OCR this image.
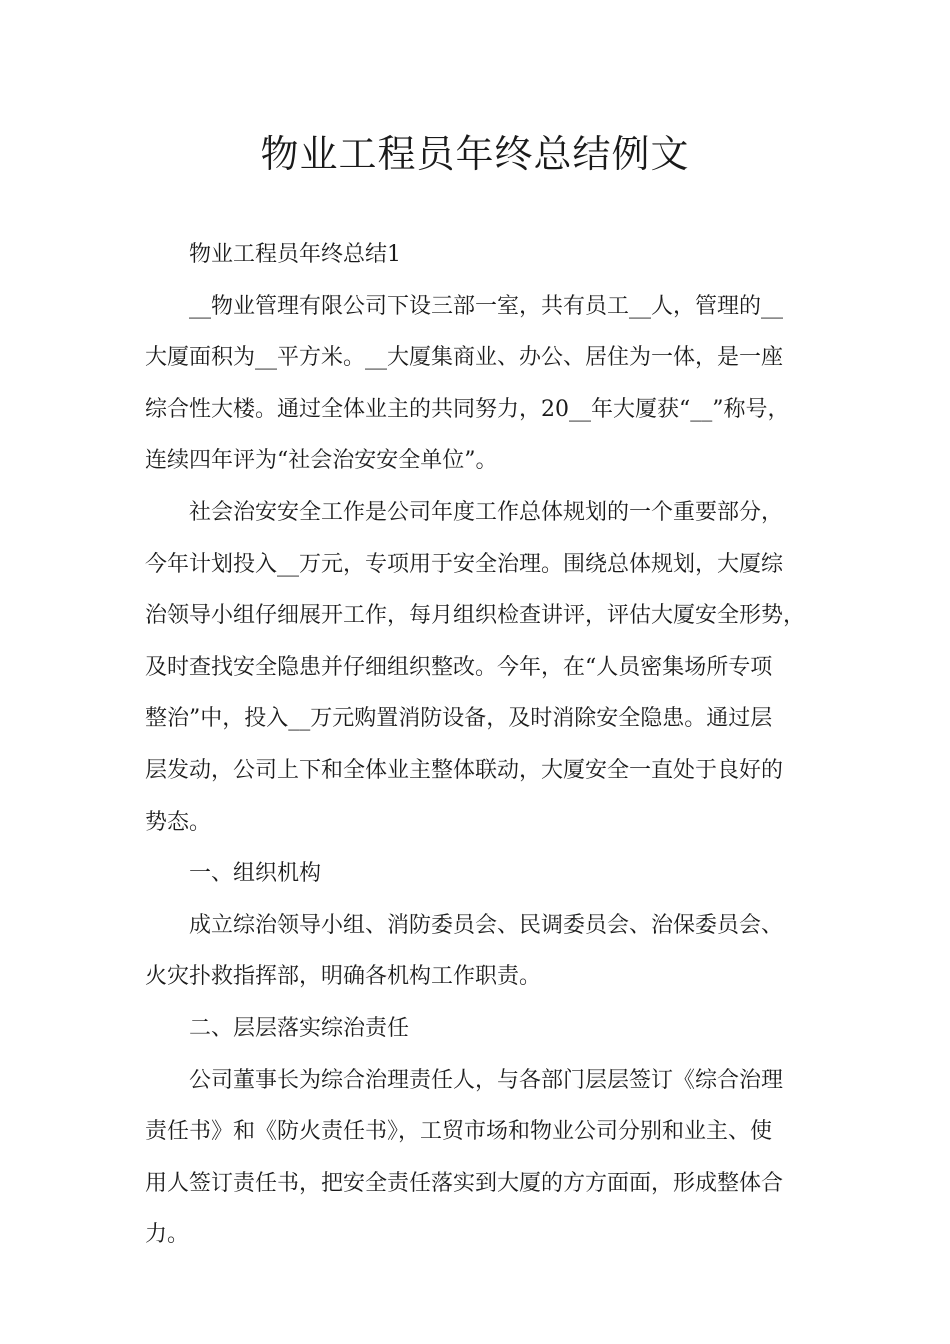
物业工程员年终总结例文

物业工程员年终总结1

__物业管理有限公司下设三部一室，共有员工__人，管理的__
大厦面积为__平方米。__大厦集商业、办公、居住为一体，是一座
综合性大楼。通过全体业主的共同努力，20__年大厦获“__”称号，
连续四年评为“社会治安安全单位”。

社会治安安全工作是公司年度工作总体规划的一个重要部分，
今年计划投入__万元，专项用于安全治理。围绕总体规划，大厦综
治领导小组仔细展开工作，每月组织检查讲评，评估大厦安全形势，
及时查找安全隐患并仔细组织整改。今年，在“人员密集场所专项
整治”中，投入__万元购置消防设备，及时消除安全隐患。通过层
层发动，公司上下和全体业主整体联动，大厦安全一直处于良好的
势态。

一、组织机构

成立综治领导小组、消防委员会、民调委员会、治保委员会、
火灾扑救指挥部，明确各机构工作职责。

二、层层落实综治责任

公司董事长为综合治理责任人，与各部门层层签订《综合治理
责任书》和《防火责任书》，工贸市场和物业公司分别和业主、使
用人签订责任书，把安全责任落实到大厦的方方面面，形成整体合
力。
